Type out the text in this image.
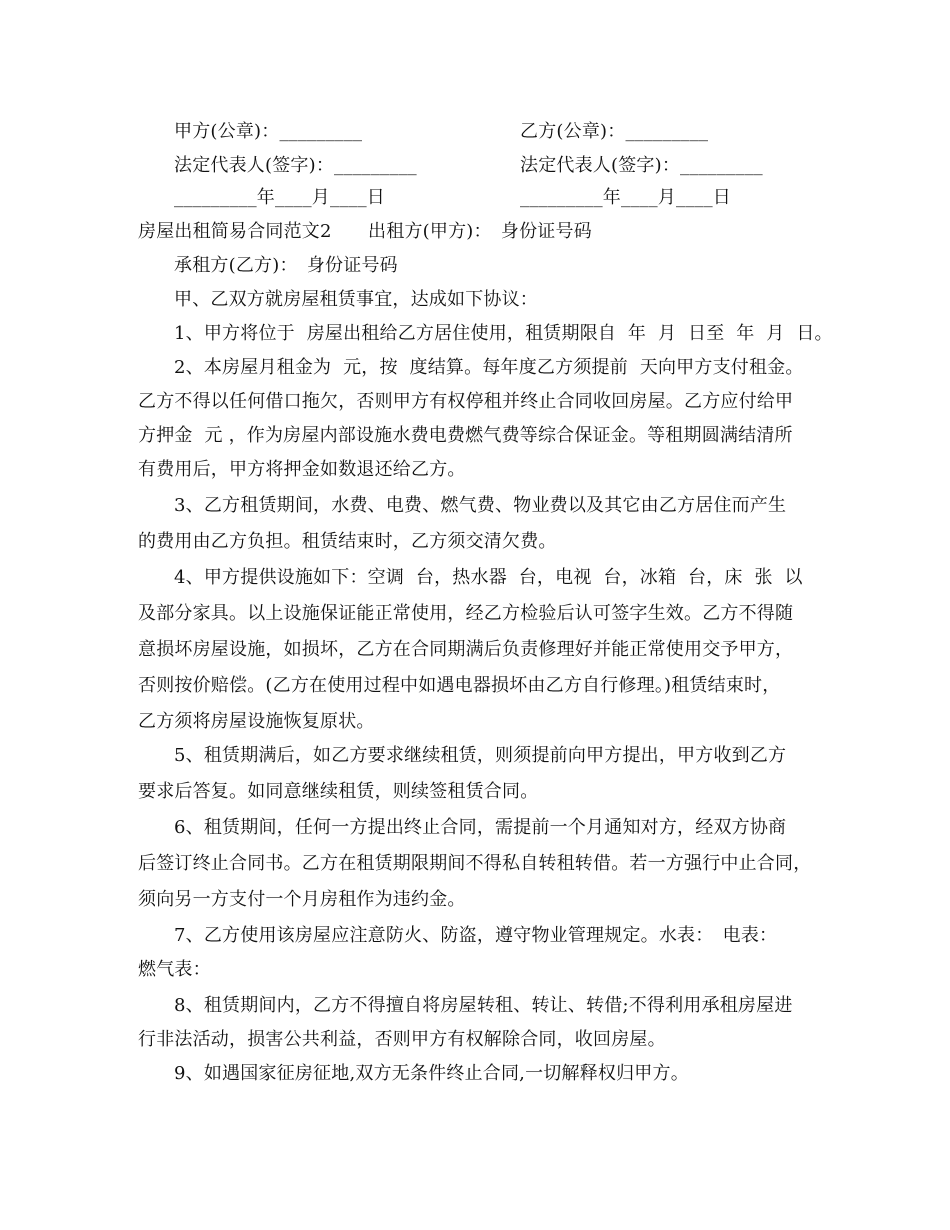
甲方(公章)：_________	乙方(公章)：_________
法定代表人(签字)：_________	法定代表人(签字)：_________
_________年____月____日	_________年____月____日
房屋出租简易合同范文2　　出租方(甲方)：　身份证号码
承租方(乙方)：　身份证号码
甲、乙双方就房屋租赁事宜，达成如下协议：
1、甲方将位于  房屋出租给乙方居住使用，租赁期限自  年  月  日至  年  月  日。
2、本房屋月租金为  元，按  度结算。每年度乙方须提前  天向甲方支付租金。
乙方不得以任何借口拖欠，否则甲方有权停租并终止合同收回房屋。乙方应付给甲
方押金  元 ，作为房屋内部设施水费电费燃气费等综合保证金。等租期圆满结清所
有费用后，甲方将押金如数退还给乙方。
3、乙方租赁期间，水费、电费、燃气费、物业费以及其它由乙方居住而产生
的费用由乙方负担。租赁结束时，乙方须交清欠费。
4、甲方提供设施如下：空调  台，热水器  台，电视  台，冰箱  台，床  张  以
及部分家具。以上设施保证能正常使用，经乙方检验后认可签字生效。乙方不得随
意损坏房屋设施，如损坏，乙方在合同期满后负责修理好并能正常使用交予甲方，
否则按价赔偿。(乙方在使用过程中如遇电器损坏由乙方自行修理。)租赁结束时，
乙方须将房屋设施恢复原状。
5、租赁期满后，如乙方要求继续租赁，则须提前向甲方提出，甲方收到乙方
要求后答复。如同意继续租赁，则续签租赁合同。
6、租赁期间，任何一方提出终止合同，需提前一个月通知对方，经双方协商
后签订终止合同书。乙方在租赁期限期间不得私自转租转借。若一方强行中止合同，
须向另一方支付一个月房租作为违约金。
7、乙方使用该房屋应注意防火、防盗，遵守物业管理规定。水表：　电表：
燃气表：
8、租赁期间内，乙方不得擅自将房屋转租、转让、转借;不得利用承租房屋进
行非法活动，损害公共利益，否则甲方有权解除合同，收回房屋。
9、如遇国家征房征地,双方无条件终止合同,一切解释权归甲方。
